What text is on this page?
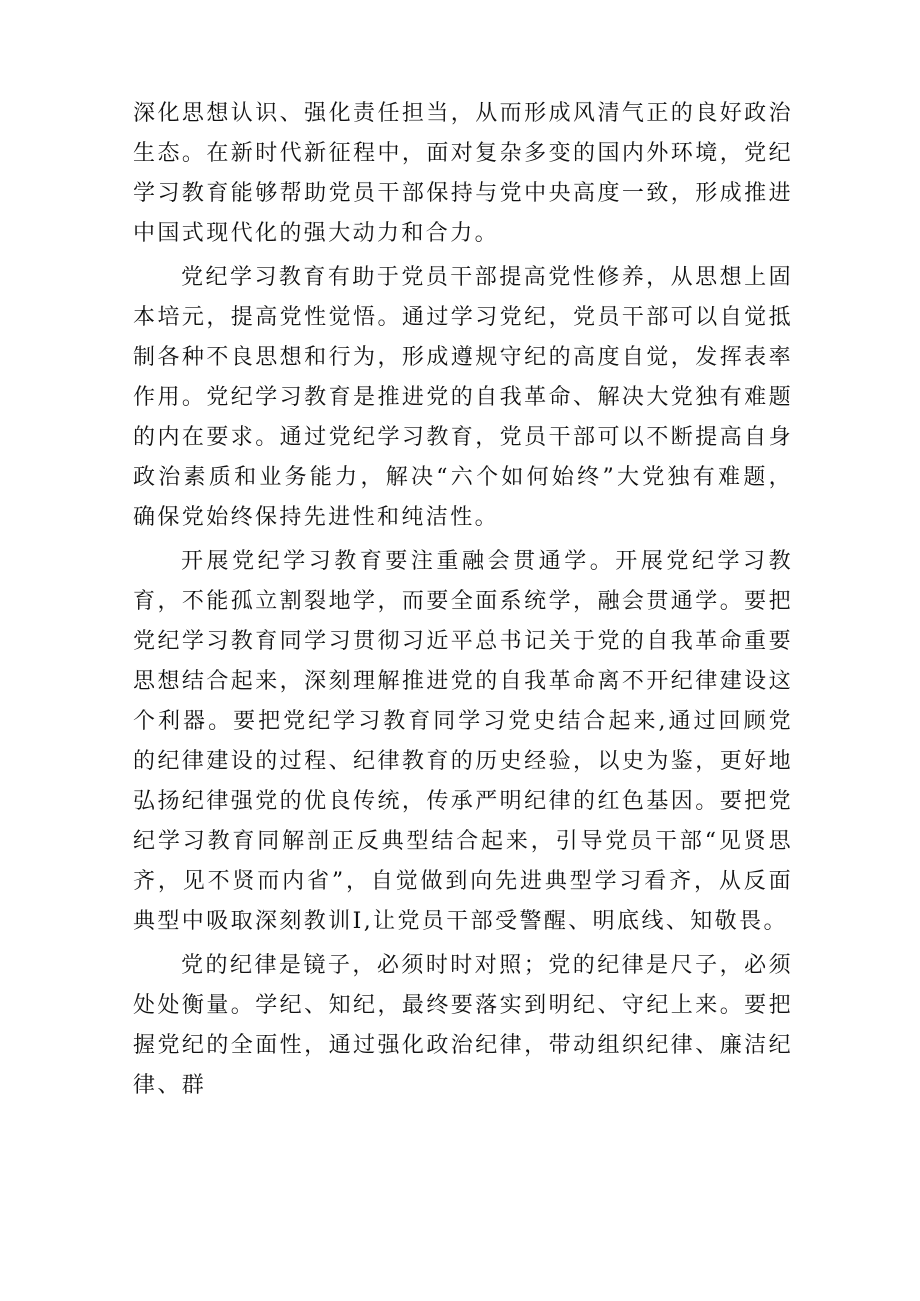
深化思想认识、强化责任担当，从而形成风清气正的良好政治生态。在新时代新征程中，面对复杂多变的国内外环境，党纪学习教育能够帮助党员干部保持与党中央高度一致，形成推进中国式现代化的强大动力和合力。

党纪学习教育有助于党员干部提高党性修养，从思想上固本培元，提高党性觉悟。通过学习党纪，党员干部可以自觉抵制各种不良思想和行为，形成遵规守纪的高度自觉，发挥表率作用。党纪学习教育是推进党的自我革命、解决大党独有难题的内在要求。通过党纪学习教育，党员干部可以不断提高自身政治素质和业务能力，解决“六个如何始终”大党独有难题，确保党始终保持先进性和纯洁性。

开展党纪学习教育要注重融会贯通学。开展党纪学习教育，不能孤立割裂地学，而要全面系统学，融会贯通学。要把党纪学习教育同学习贯彻习近平总书记关于党的自我革命重要思想结合起来，深刻理解推进党的自我革命离不开纪律建设这个利器。要把党纪学习教育同学习党史结合起来,通过回顾党的纪律建设的过程、纪律教育的历史经验，以史为鉴，更好地弘扬纪律强党的优良传统，传承严明纪律的红色基因。要把党纪学习教育同解剖正反典型结合起来，引导党员干部“见贤思齐，见不贤而内省”，自觉做到向先进典型学习看齐，从反面典型中吸取深刻教训I,让党员干部受警醒、明底线、知敬畏。

党的纪律是镜子，必须时时对照；党的纪律是尺子，必须处处衡量。学纪、知纪，最终要落实到明纪、守纪上来。要把握党纪的全面性，通过强化政治纪律，带动组织纪律、廉洁纪律、群
